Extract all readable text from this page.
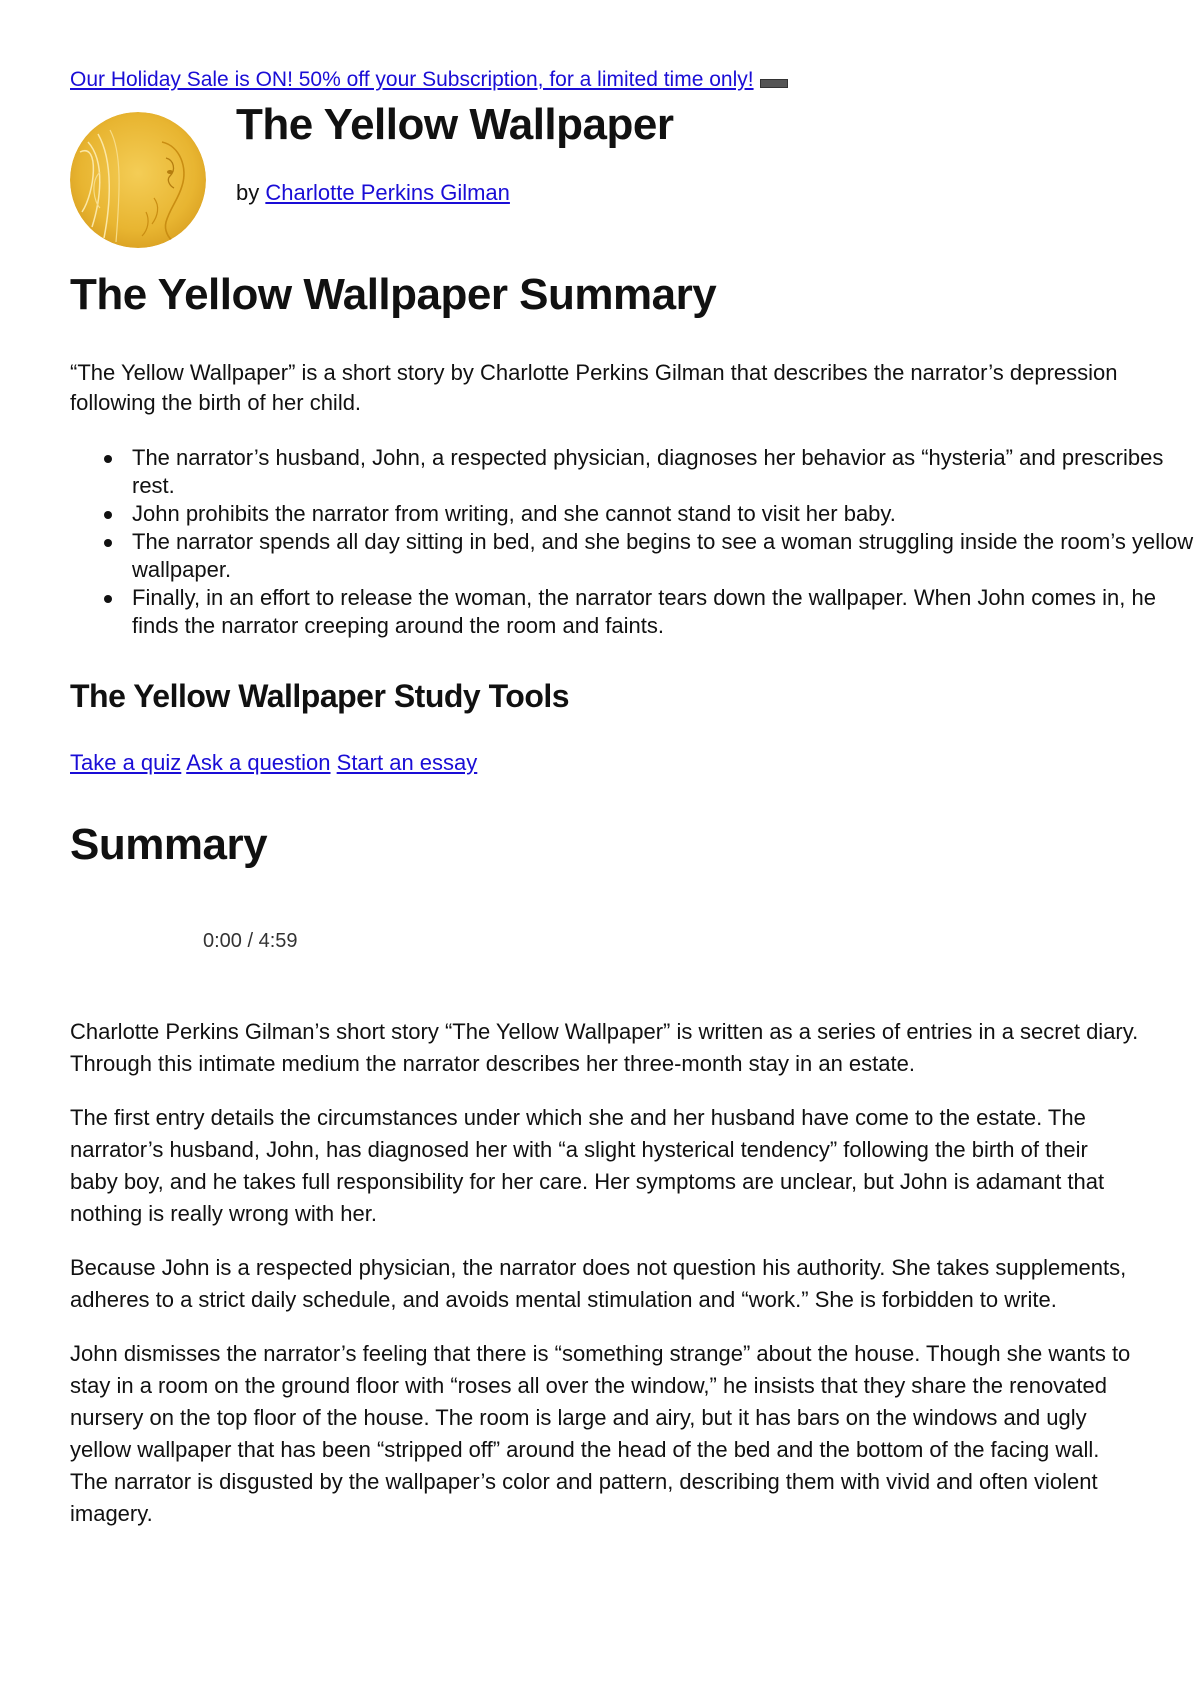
Our Holiday Sale is ON! 50% off your Subscription, for a limited time only!
The Yellow Wallpaper
by Charlotte Perkins Gilman
The Yellow Wallpaper Summary

“The Yellow Wallpaper” is a short story by Charlotte Perkins Gilman that describes the narrator’s depression following the birth of her child.

The narrator’s husband, John, a respected physician, diagnoses her behavior as “hysteria” and prescribes rest.
John prohibits the narrator from writing, and she cannot stand to visit her baby.
The narrator spends all day sitting in bed, and she begins to see a woman struggling inside the room’s yellow wallpaper.
Finally, in an effort to release the woman, the narrator tears down the wallpaper. When John comes in, he finds the narrator creeping around the room and faints.
The Yellow Wallpaper Study Tools
Take a quiz Ask a question Start an essay
Summary
0:00 / 4:59

Charlotte Perkins Gilman’s short story “The Yellow Wallpaper” is written as a series of entries in a secret diary. Through this intimate medium the narrator describes her three-month stay in an estate.

The first entry details the circumstances under which she and her husband have come to the estate. The narrator’s husband, John, has diagnosed her with “a slight hysterical tendency” following the birth of their baby boy, and he takes full responsibility for her care. Her symptoms are unclear, but John is adamant that nothing is really wrong with her.

Because John is a respected physician, the narrator does not question his authority. She takes supplements, adheres to a strict daily schedule, and avoids mental stimulation and “work.” She is forbidden to write.

John dismisses the narrator’s feeling that there is “something strange” about the house. Though she wants to stay in a room on the ground floor with “roses all over the window,” he insists that they share the renovated nursery on the top floor of the house. The room is large and airy, but it has bars on the windows and ugly yellow wallpaper that has been “stripped off” around the head of the bed and the bottom of the facing wall. The narrator is disgusted by the wallpaper’s color and pattern, describing them with vivid and often violent imagery.
